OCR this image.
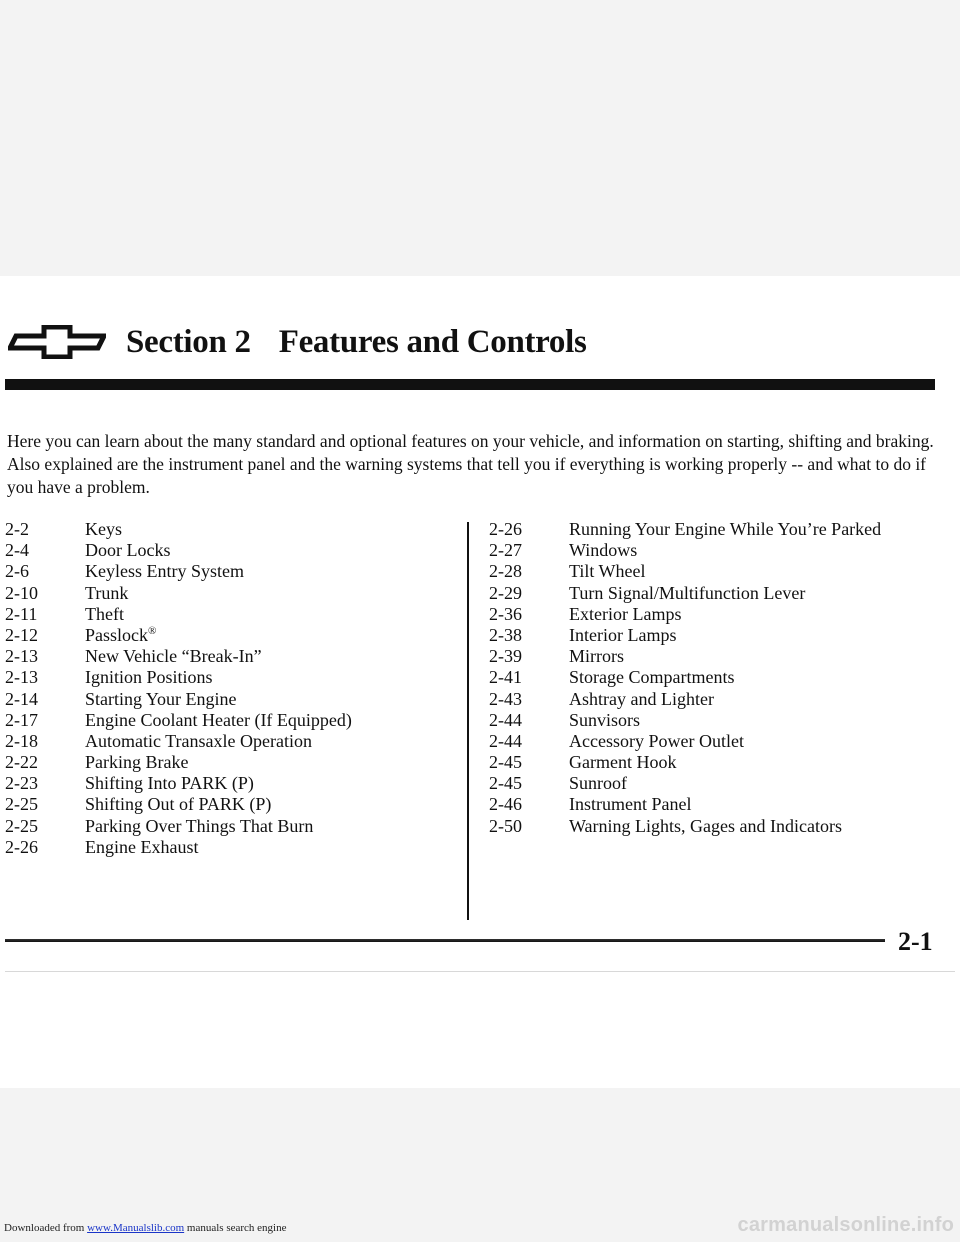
Section 2 Features and Controls
Here you can learn about the many standard and optional features on your vehicle, and information on starting, shifting and braking. Also explained are the instrument panel and the warning systems that tell you if everything is working properly -- and what to do if you have a problem.
2-2	Keys
2-4	Door Locks
2-6	Keyless Entry System
2-10	Trunk
2-11	Theft
2-12	Passlock®
2-13	New Vehicle “Break-In”
2-13	Ignition Positions
2-14	Starting Your Engine
2-17	Engine Coolant Heater (If Equipped)
2-18	Automatic Transaxle Operation
2-22	Parking Brake
2-23	Shifting Into PARK (P)
2-25	Shifting Out of PARK (P)
2-25	Parking Over Things That Burn
2-26	Engine Exhaust
2-26	Running Your Engine While You’re Parked
2-27	Windows
2-28	Tilt Wheel
2-29	Turn Signal/Multifunction Lever
2-36	Exterior Lamps
2-38	Interior Lamps
2-39	Mirrors
2-41	Storage Compartments
2-43	Ashtray and Lighter
2-44	Sunvisors
2-44	Accessory Power Outlet
2-45	Garment Hook
2-45	Sunroof
2-46	Instrument Panel
2-50	Warning Lights, Gages and Indicators
2-1
Downloaded from www.Manualslib.com manuals search engine	carmanualsonline.info
